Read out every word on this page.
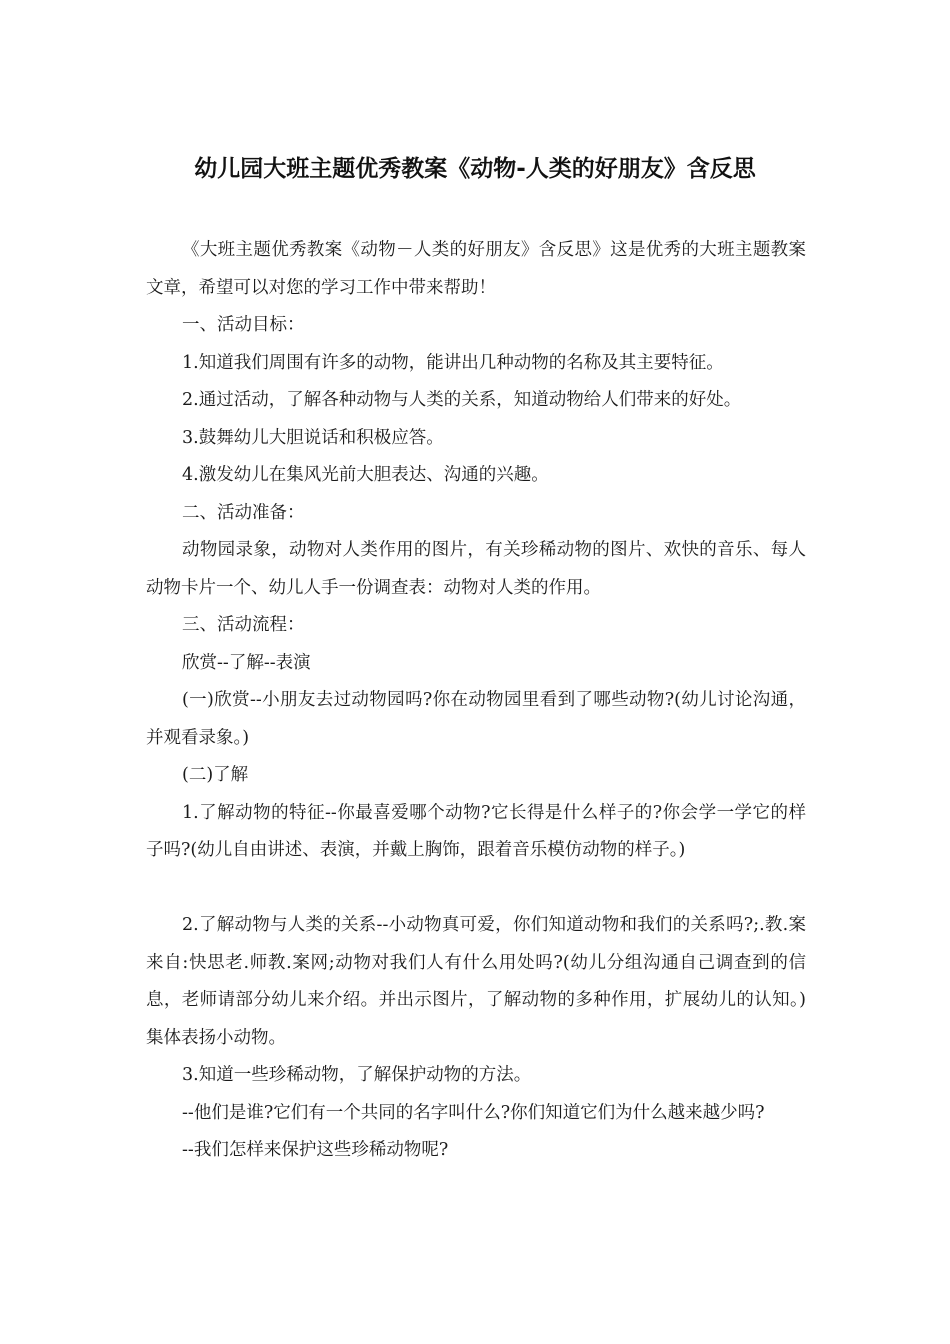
幼儿园大班主题优秀教案《动物-人类的好朋友》含反思

《大班主题优秀教案《动物－人类的好朋友》含反思》这是优秀的大班主题教案文章，希望可以对您的学习工作中带来帮助！

一、活动目标：

1.知道我们周围有许多的动物，能讲出几种动物的名称及其主要特征。

2.通过活动，了解各种动物与人类的关系，知道动物给人们带来的好处。

3.鼓舞幼儿大胆说话和积极应答。

4.激发幼儿在集风光前大胆表达、沟通的兴趣。

二、活动准备：

动物园录象，动物对人类作用的图片，有关珍稀动物的图片、欢快的音乐、每人动物卡片一个、幼儿人手一份调查表：动物对人类的作用。

三、活动流程：

欣赏--了解--表演

(一)欣赏--小朋友去过动物园吗?你在动物园里看到了哪些动物?(幼儿讨论沟通，并观看录象。)

(二)了解

1.了解动物的特征--你最喜爱哪个动物?它长得是什么样子的?你会学一学它的样子吗?(幼儿自由讲述、表演，并戴上胸饰，跟着音乐模仿动物的样子。)

2.了解动物与人类的关系--小动物真可爱，你们知道动物和我们的关系吗?;.教.案来自:快思老.师教.案网;动物对我们人有什么用处吗?(幼儿分组沟通自己调查到的信息，老师请部分幼儿来介绍。并出示图片，了解动物的多种作用，扩展幼儿的认知。)集体表扬小动物。

3.知道一些珍稀动物，了解保护动物的方法。

--他们是谁?它们有一个共同的名字叫什么?你们知道它们为什么越来越少吗?

--我们怎样来保护这些珍稀动物呢?
